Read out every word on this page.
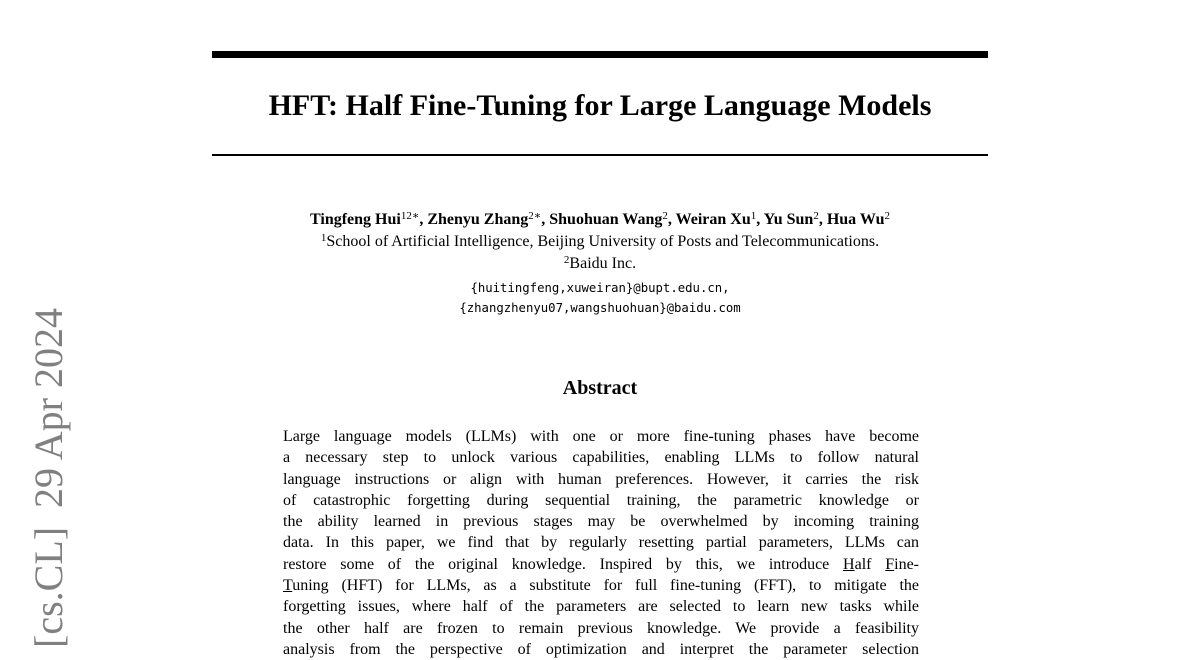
HFT: Half Fine-Tuning for Large Language Models
Tingfeng Hui$^{12∗}$, Zhenyu Zhang$^{2∗}$, Shuohuan Wang$^2$, Weiran Xu$^1$, Yu Sun$^2$, Hua Wu$^2$
$^1$School of Artificial Intelligence, Beijing University of Posts and Telecommunications.
$^2$Baidu Inc.
{huitingfeng,xuweiran}@bupt.edu.cn,
{zhangzhenyu07,wangshuohuan}@baidu.com
Abstract
Large language models (LLMs) with one or more fine-tuning phases have become
a necessary step to unlock various capabilities, enabling LLMs to follow natural
language instructions or align with human preferences. However, it carries the risk
of catastrophic forgetting during sequential training, the parametric knowledge or
the ability learned in previous stages may be overwhelmed by incoming training
data. In this paper, we find that by regularly resetting partial parameters, LLMs can
restore some of the original knowledge. Inspired by this, we introduce Half Fine-
Tuning (HFT) for LLMs, as a substitute for full fine-tuning (FFT), to mitigate the
forgetting issues, where half of the parameters are selected to learn new tasks while
the other half are frozen to remain previous knowledge. We provide a feasibility
analysis from the perspective of optimization and interpret the parameter selection
[cs.CL]
29 Apr 2024
